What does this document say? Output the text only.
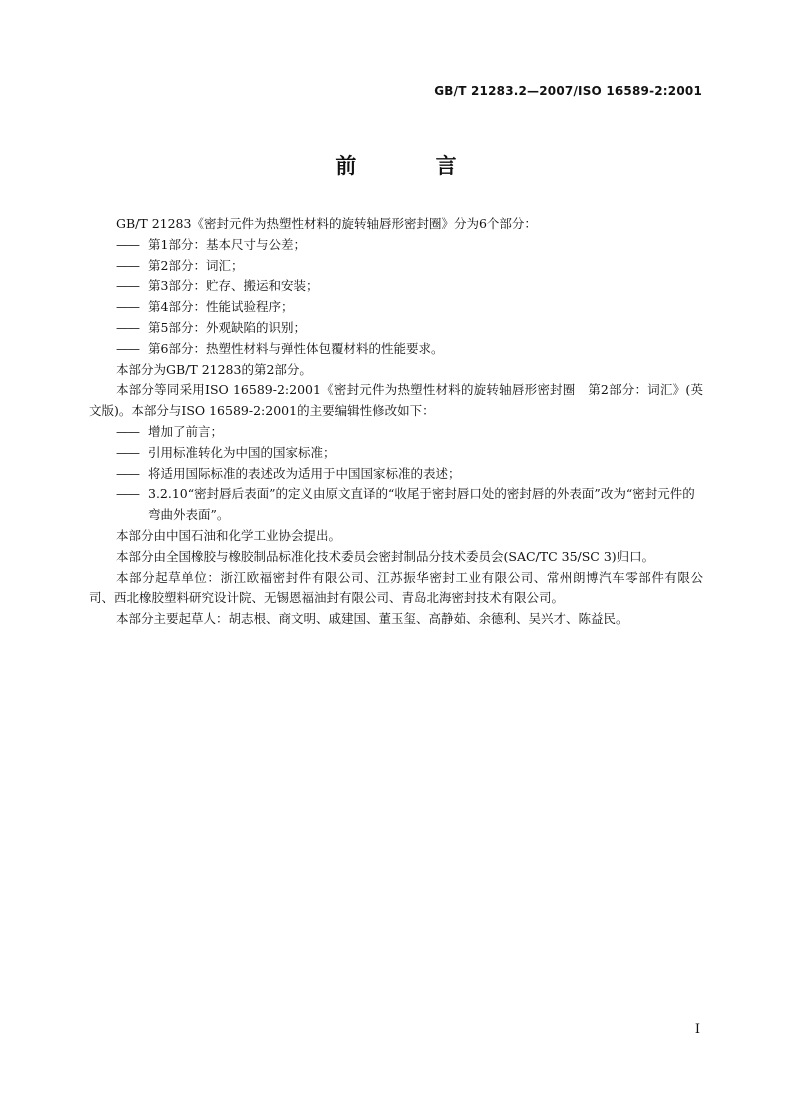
GB/T 21283.2—2007/ISO 16589-2:2001
前 言

GB/T 21283《密封元件为热塑性材料的旋转轴唇形密封圈》分为6个部分：

—— 第1部分：基本尺寸与公差；

—— 第2部分：词汇；

—— 第3部分：贮存、搬运和安装；

—— 第4部分：性能试验程序；

—— 第5部分：外观缺陷的识别；

—— 第6部分：热塑性材料与弹性体包覆材料的性能要求。

本部分为GB/T 21283的第2部分。

本部分等同采用ISO 16589-2:2001《密封元件为热塑性材料的旋转轴唇形密封圈　第2部分：词汇》(英文版)。本部分与ISO 16589-2:2001的主要编辑性修改如下：

—— 增加了前言；

—— 引用标准转化为中国的国家标准；

—— 将适用国际标准的表述改为适用于中国国家标准的表述；

—— 3.2.10“密封唇后表面”的定义由原文直译的“收尾于密封唇口处的密封唇的外表面”改为“密封元件的弯曲外表面”。

本部分由中国石油和化学工业协会提出。

本部分由全国橡胶与橡胶制品标准化技术委员会密封制品分技术委员会(SAC/TC 35/SC 3)归口。

本部分起草单位：浙江欧福密封件有限公司、江苏振华密封工业有限公司、常州朗博汽车零部件有限公司、西北橡胶塑料研究设计院、无锡恩福油封有限公司、青岛北海密封技术有限公司。

本部分主要起草人：胡志根、商文明、戚建国、董玉玺、高静茹、余德利、吴兴才、陈益民。

I
